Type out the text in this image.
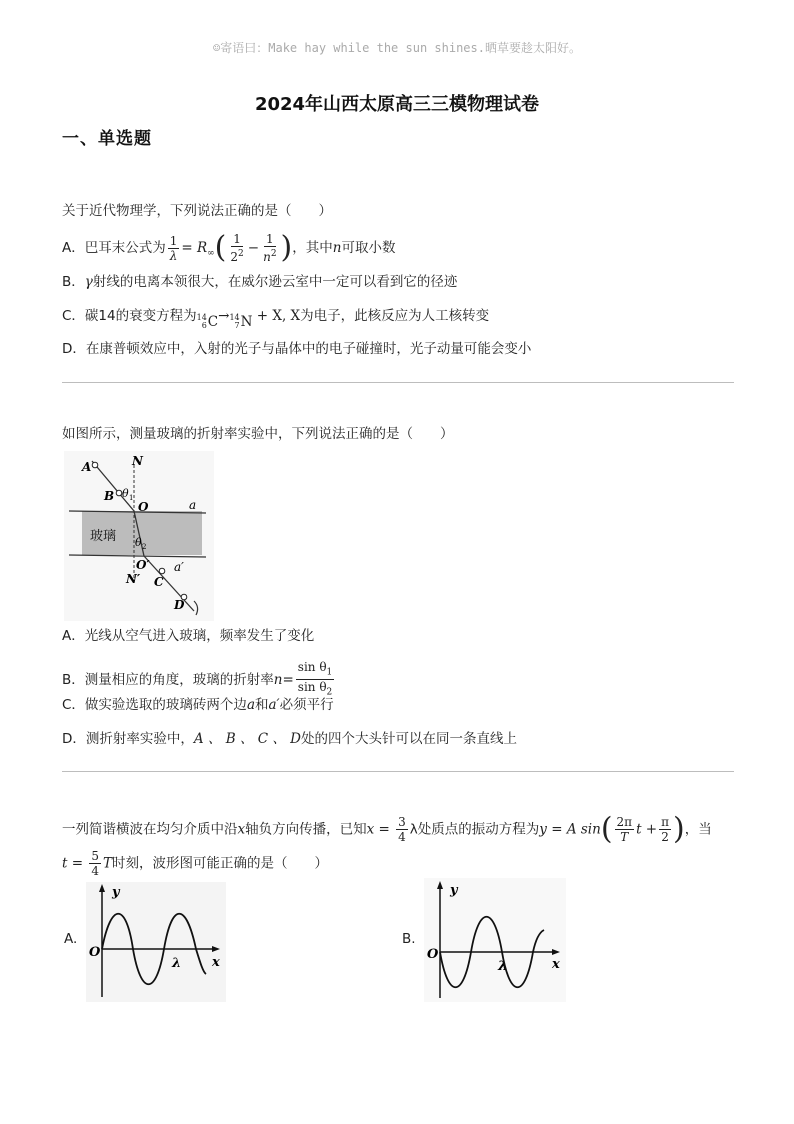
☺寄语曰：Make hay while the sun shines.晒草要趁太阳好。
2024年山西太原高三三模物理试卷
一、单选题
关于近代物理学，下列说法正确的是（　　）
A．巴耳末公式为 $\frac{1}{\lambda} = R_\infty( \frac{1}{2^2} - \frac{1}{n^2}$ )，其中n可取小数
B．γ射线的电离本领很大，在威尔逊云室中一定可以看到它的径迹
C．碳14的衰变方程为 14
6 C → 14
7 N + X, X为电子，此核反应为人工核转变
D．在康普顿效应中，入射的光子与晶体中的电子碰撞时，光子动量可能会变小
如图所示，测量玻璃的折射率实验中，下列说法正确的是（　　）
A
B
N
θ 1
O	a
玻璃 θ 2
O′ a′
N′ C
D
A．光线从空气进入玻璃，频率发生了变化
B．测量相应的角度，玻璃的折射率$n= \frac{\sin \theta_1}{\sin \theta_2}$
C．做实验选取的玻璃砖两个边a和a′必须平行
D．测折射率实验中，A 、 B 、 C 、 D处的四个大头针可以在同一条直线上
一列简谐横波在均匀介质中沿x轴负方向传播，已知$x = \frac{3}{4}$ λ处质点的振动方程为y = A $\sin( \frac{2\pi}{T}$ $t + \frac{\pi}{2}$ )，当
$t = \frac{5}{4}$ T时刻，波形图可能正确的是（　　）
A.
y
O
λ x
B.
y
O
λ	x
